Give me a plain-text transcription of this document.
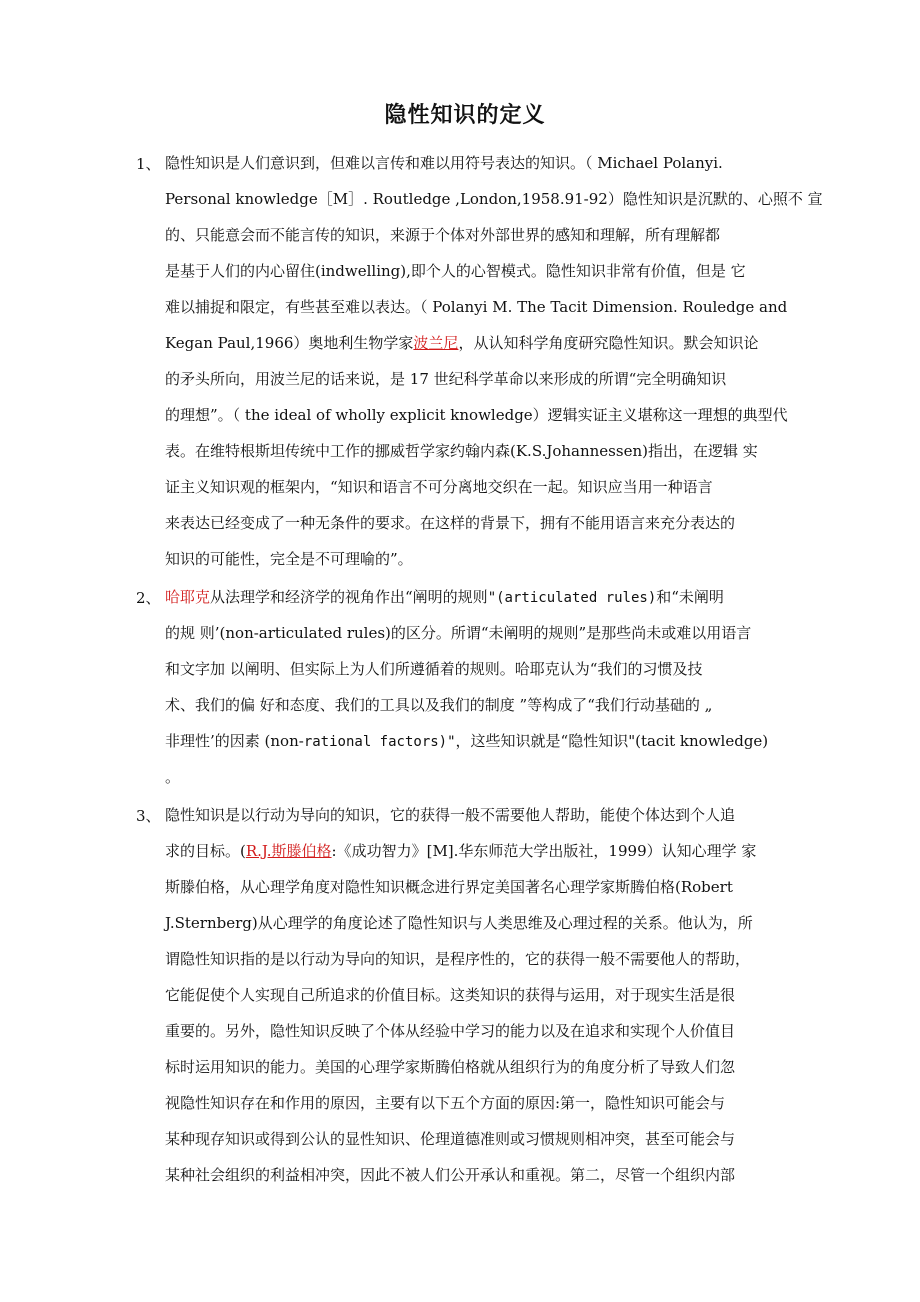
隐性知识的定义
1、 隐性知识是人们意识到，但难以言传和难以用符号表达的知识。（ Michael Polanyi.
Personal knowledge［M］. Routledge ,London,1958.91-92）隐性知识是沉默的、心照不 宣
的、只能意会而不能言传的知识，来源于个体对外部世界的感知和理解，所有理解都
是基于人们的内心留住(indwelling),即个人的心智模式。隐性知识非常有价值，但是 它
难以捕捉和限定，有些甚至难以表达。（ Polanyi M. The Tacit Dimension. Rouledge and
Kegan Paul,1966）奥地利生物学家波兰尼，从认知科学角度研究隐性知识。默会知识论
的矛头所向，用波兰尼的话来说，是 17 世纪科学革命以来形成的所谓“完全明确知识
的理想”。（ the ideal of wholly explicit knowledge）逻辑实证主义堪称这一理想的典型代
表。在维特根斯坦传统中工作的挪威哲学家约翰内森(K.S.Johannessen)指出，在逻辑 实
证主义知识观的框架内，“知识和语言不可分离地交织在一起。知识应当用一种语言
来表达已经变成了一种无条件的要求。在这样的背景下，拥有不能用语言来充分表达的
知识的可能性，完全是不可理喻的”。
2、 哈耶克从法理学和经济学的视角作出“阐明的规则"(articulated rules)和“未阐明
的规 则’(non-articulated rules)的区分。所谓“未阐明的规则”是那些尚未或难以用语言
和文字加 以阐明、但实际上为人们所遵循着的规则。哈耶克认为“我们的习惯及技
术、我们的偏 好和态度、我们的工具以及我们的制度 ”等构成了“我们行动基础的 „
非理性’的因素 (non-rational factors)"，这些知识就是“隐性知识"(tacit knowledge)
。
3、 隐性知识是以行动为导向的知识，它的获得一般不需要他人帮助，能使个体达到个人追
求的目标。(R.J.斯滕伯格:《成功智力》[M].华东师范大学出版社，1999）认知心理学 家
斯滕伯格，从心理学角度对隐性知识概念进行界定美国著名心理学家斯腾伯格(Robert
J.Sternberg)从心理学的角度论述了隐性知识与人类思维及心理过程的关系。他认为，所
谓隐性知识指的是以行动为导向的知识，是程序性的，它的获得一般不需要他人的帮助，
它能促使个人实现自己所追求的价值目标。这类知识的获得与运用，对于现实生活是很
重要的。另外，隐性知识反映了个体从经验中学习的能力以及在追求和实现个人价值目
标时运用知识的能力。美国的心理学家斯腾伯格就从组织行为的角度分析了导致人们忽
视隐性知识存在和作用的原因，主要有以下五个方面的原因:第一，隐性知识可能会与
某种现存知识或得到公认的显性知识、伦理道德准则或习惯规则相冲突，甚至可能会与
某种社会组织的利益相冲突，因此不被人们公开承认和重视。第二，尽管一个组织内部
